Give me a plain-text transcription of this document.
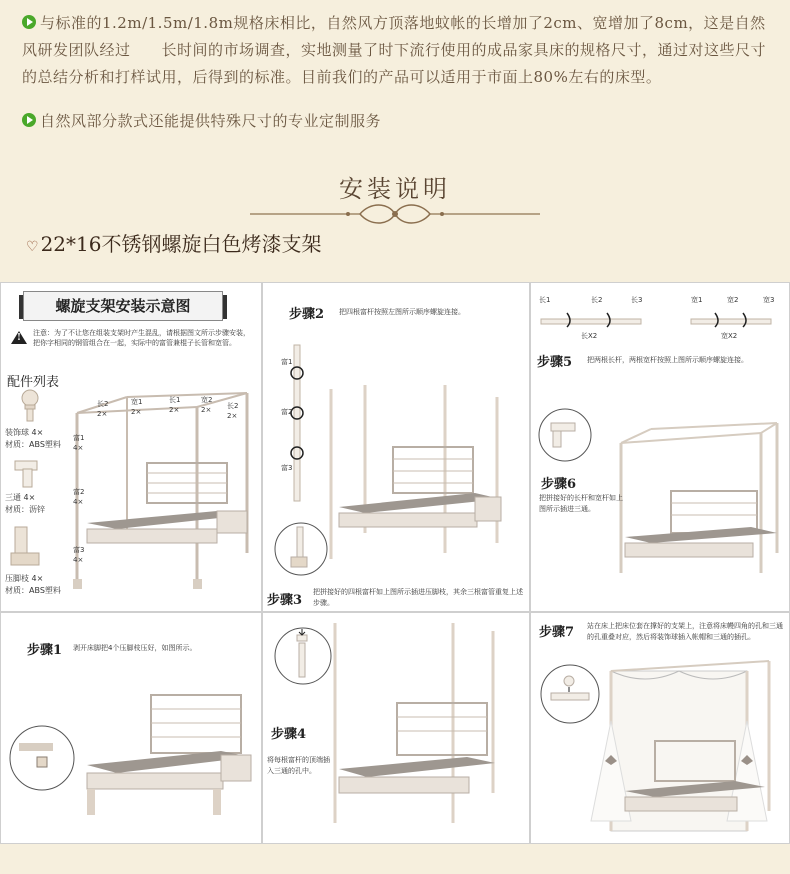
与标准的1.2m/1.5m/1.8m规格床相比，自然风方顶落地蚊帐的长增加了2cm、宽增加了8cm，这是自然风研发团队经过　　长时间的市场调查，实地测量了时下流行使用的成品家具床的规格尺寸，通过对这些尺寸的总结分析和打样试用，后得到的标准。目前我们的产品可以适用于市面上80%左右的床型。
自然风部分款式还能提供特殊尺寸的专业定制服务
安装说明
♡ 22*16不锈钢螺旋白色烤漆支架
螺旋支架安装示意图
!
注意：为了不让您在组装支架时产生混乱，请根据图文所示步骤安装，把你字相同的钢管组合在一起，实际中的富管兼棍子长管和宽管。
配件列表
装饰球 4×
材质：ABS塑料
三通 4×
材质：沥锌
压脚枝 4×
材质：ABS塑料
长2
2×
宽1
2×
长1
2×
宽2
2× 长2
2×
富1
4×
富2
4×
富3
4×
步骤2 把四根富杆按照左图所示顺序螺旋连接。
富1
富2
富3
步骤3
把拼接好的四根富杆如上图所示插进压脚枝，其余三根富管重复上述步骤。
长1	长2	长3
长X2
宽1	宽2	宽3
宽X2
步骤5 把两根长杆，两根宽杆按照上图所示顺序螺旋连接。
步骤6
把拼接好的长杆和宽杆如上图所示插进三通。
步骤1 剥开床脚把4个压脚枝压好，如图所示。
步骤4
将每根富杆的顶端插入三通的孔中。
步骤7 站在床上把床位套在撑好的支架上，注意将床幔四角的孔和三通的孔重叠对应，然后将装饰球插入帐帽和三通的插孔。
